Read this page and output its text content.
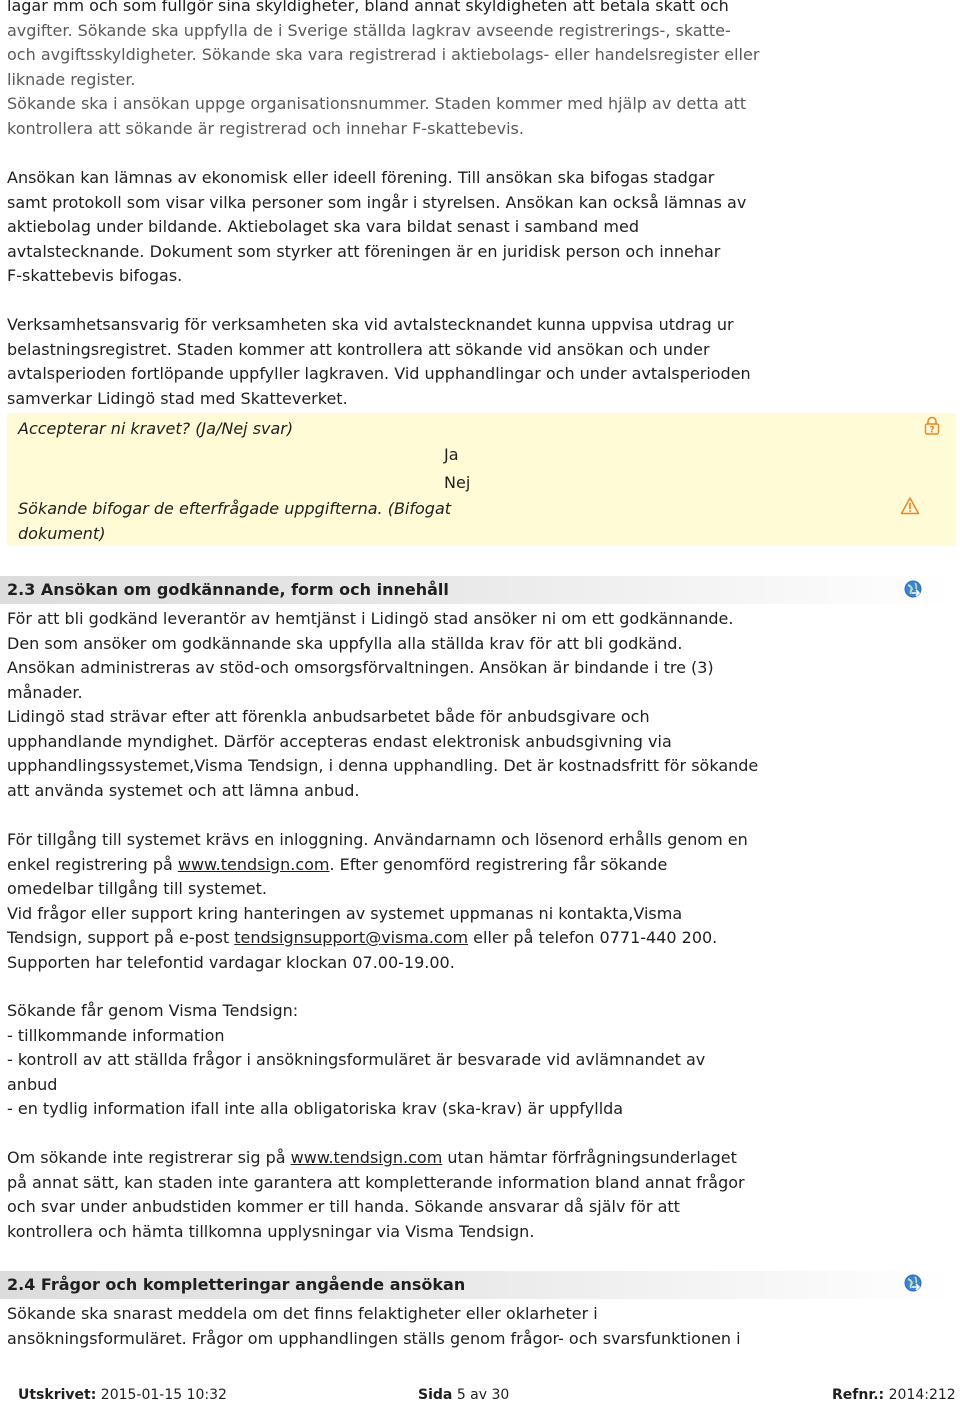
lagar mm och som fullgör sina skyldigheter, bland annat skyldigheten att betala skatt och
avgifter. Sökande ska uppfylla de i Sverige ställda lagkrav avseende registrerings-, skatte-
och avgiftsskyldigheter. Sökande ska vara registrerad i aktiebolags- eller handelsregister eller
liknade register.
Sökande ska i ansökan uppge organisationsnummer. Staden kommer med hjälp av detta att
kontrollera att sökande är registrerad och innehar F-skattebevis.
Ansökan kan lämnas av ekonomisk eller ideell förening. Till ansökan ska bifogas stadgar
samt protokoll som visar vilka personer som ingår i styrelsen. Ansökan kan också lämnas av
aktiebolag under bildande. Aktiebolaget ska vara bildat senast i samband med
avtalstecknande. Dokument som styrker att föreningen är en juridisk person och innehar
F-skattebevis bifogas.
Verksamhetsansvarig för verksamheten ska vid avtalstecknandet kunna uppvisa utdrag ur
belastningsregistret. Staden kommer att kontrollera att sökande vid ansökan och under
avtalsperioden fortlöpande uppfyller lagkraven. Vid upphandlingar och under avtalsperioden
samverkar Lidingö stad med Skatteverket.
Accepterar ni kravet? (Ja/Nej svar)
Ja
Nej
Sökande bifogar de efterfrågade uppgifterna. (Bifogat
dokument)
?
2.3 Ansökan om godkännande, form och innehåll
För att bli godkänd leverantör av hemtjänst i Lidingö stad ansöker ni om ett godkännande.
Den som ansöker om godkännande ska uppfylla alla ställda krav för att bli godkänd.
Ansökan administreras av stöd-och omsorgsförvaltningen. Ansökan är bindande i tre (3)
månader.
Lidingö stad strävar efter att förenkla anbudsarbetet både för anbudsgivare och
upphandlande myndighet. Därför accepteras endast elektronisk anbudsgivning via
upphandlingssystemet,Visma Tendsign, i denna upphandling. Det är kostnadsfritt för sökande
att använda systemet och att lämna anbud.
För tillgång till systemet krävs en inloggning. Användarnamn och lösenord erhålls genom en
enkel registrering på www.tendsign.com. Efter genomförd registrering får sökande
omedelbar tillgång till systemet.
Vid frågor eller support kring hanteringen av systemet uppmanas ni kontakta,Visma
Tendsign, support på e-post tendsignsupport@visma.com eller på telefon 0771-440 200.
Supporten har telefontid vardagar klockan 07.00-19.00.
Sökande får genom Visma Tendsign:
- tillkommande information
- kontroll av att ställda frågor i ansökningsformuläret är besvarade vid avlämnandet av
anbud
- en tydlig information ifall inte alla obligatoriska krav (ska-krav) är uppfyllda
Om sökande inte registrerar sig på www.tendsign.com utan hämtar förfrågningsunderlaget
på annat sätt, kan staden inte garantera att kompletterande information bland annat frågor
och svar under anbudstiden kommer er till handa. Sökande ansvarar då själv för att
kontrollera och hämta tillkomna upplysningar via Visma Tendsign.
2.4 Frågor och kompletteringar angående ansökan
Sökande ska snarast meddela om det finns felaktigheter eller oklarheter i
ansökningsformuläret. Frågor om upphandlingen ställs genom frågor- och svarsfunktionen i
Utskrivet: 2015-01-15 10:32	Sida 5 av 30	Refnr.: 2014:212
